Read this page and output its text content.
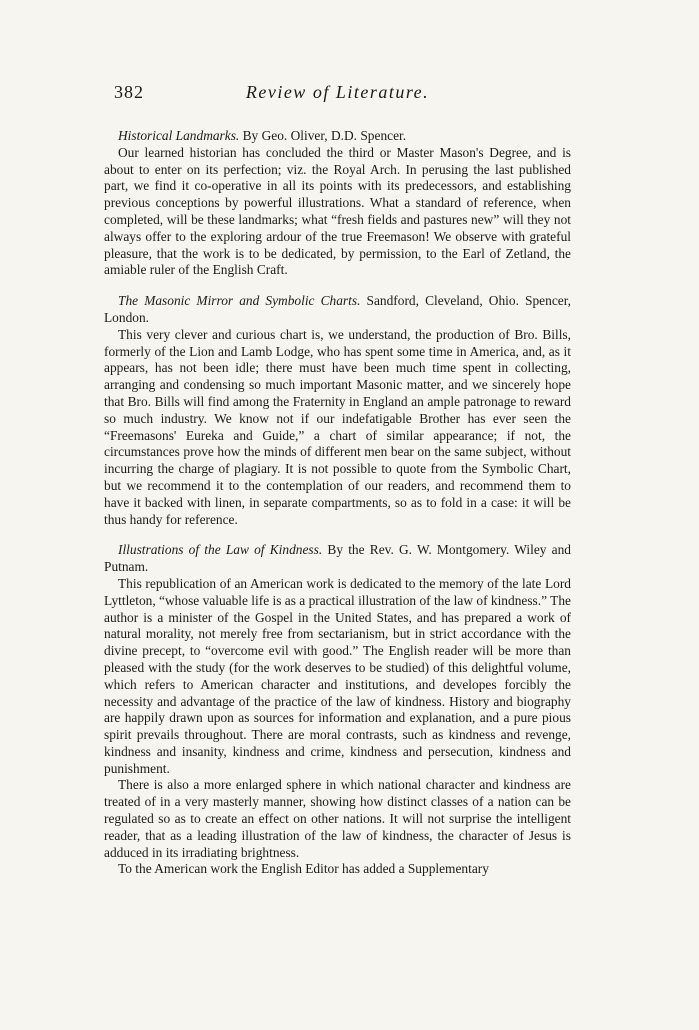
382	Review of Literature.

Historical Landmarks. By Geo. Oliver, D.D. Spencer.

Our learned historian has concluded the third or Master Mason's Degree, and is about to enter on its perfection; viz. the Royal Arch. In perusing the last published part, we find it co-operative in all its points with its predecessors, and establishing previous conceptions by powerful illustrations. What a standard of reference, when completed, will be these landmarks; what “fresh fields and pastures new” will they not always offer to the exploring ardour of the true Freemason! We observe with grateful pleasure, that the work is to be dedicated, by permission, to the Earl of Zetland, the amiable ruler of the English Craft.

The Masonic Mirror and Symbolic Charts. Sandford, Cleveland, Ohio. Spencer, London.

This very clever and curious chart is, we understand, the production of Bro. Bills, formerly of the Lion and Lamb Lodge, who has spent some time in America, and, as it appears, has not been idle; there must have been much time spent in collecting, arranging and condensing so much important Masonic matter, and we sincerely hope that Bro. Bills will find among the Fraternity in England an ample patronage to reward so much industry. We know not if our indefatigable Brother has ever seen the “Freemasons' Eureka and Guide,” a chart of similar appearance; if not, the circumstances prove how the minds of different men bear on the same subject, without incurring the charge of plagiary. It is not possible to quote from the Symbolic Chart, but we recommend it to the contemplation of our readers, and recommend them to have it backed with linen, in separate compartments, so as to fold in a case: it will be thus handy for reference.

Illustrations of the Law of Kindness. By the Rev. G. W. Montgomery. Wiley and Putnam.

This republication of an American work is dedicated to the memory of the late Lord Lyttleton, “whose valuable life is as a practical illustration of the law of kindness.” The author is a minister of the Gospel in the United States, and has prepared a work of natural morality, not merely free from sectarianism, but in strict accordance with the divine precept, to “overcome evil with good.” The English reader will be more than pleased with the study (for the work deserves to be studied) of this delightful volume, which refers to American character and institutions, and developes forcibly the necessity and advantage of the practice of the law of kindness. History and biography are happily drawn upon as sources for information and explanation, and a pure pious spirit prevails throughout. There are moral contrasts, such as kindness and revenge, kindness and insanity, kindness and crime, kindness and persecution, kindness and punishment.

There is also a more enlarged sphere in which national character and kindness are treated of in a very masterly manner, showing how distinct classes of a nation can be regulated so as to create an effect on other nations. It will not surprise the intelligent reader, that as a leading illustration of the law of kindness, the character of Jesus is adduced in its irradiating brightness.

To the American work the English Editor has added a Supplementary
